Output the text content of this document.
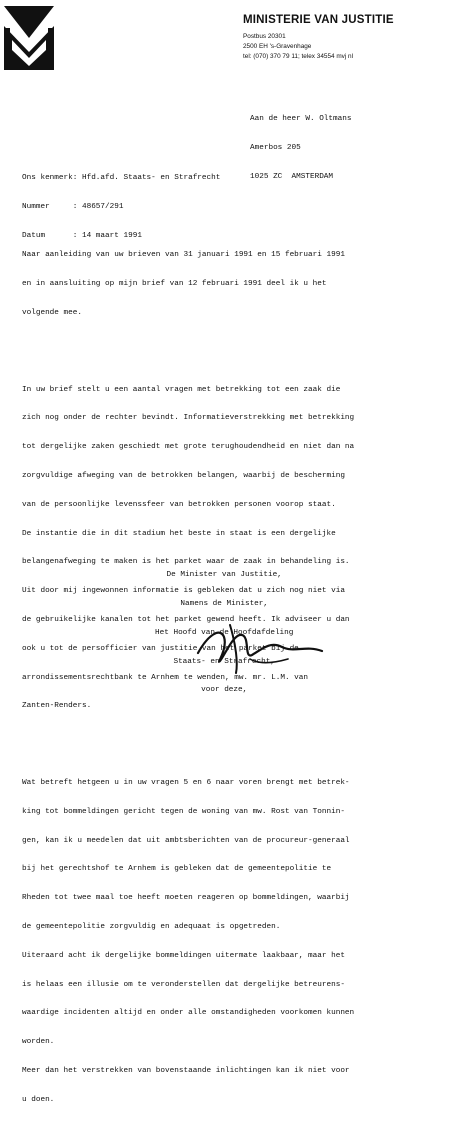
MINISTERIE VAN JUSTITIE
Postbus 20301
2500 EH 's-Gravenhage
tel: (070) 370 79 11; telex 34554 mvj nl

Aan de heer W. Oltmans

Amerbos 205

1025 ZC  AMSTERDAM

Ons kenmerk: Hfd.afd. Staats- en Strafrecht

Nummer     : 48657/291

Datum      : 14 maart 1991

Naar aanleiding van uw brieven van 31 januari 1991 en 15 februari 1991

en in aansluiting op mijn brief van 12 februari 1991 deel ik u het

volgende mee.

In uw brief stelt u een aantal vragen met betrekking tot een zaak die

zich nog onder de rechter bevindt. Informatieverstrekking met betrekking

tot dergelijke zaken geschiedt met grote terughoudendheid en niet dan na

zorgvuldige afweging van de betrokken belangen, waarbij de bescherming

van de persoonlijke levenssfeer van betrokken personen voorop staat.

De instantie die in dit stadium het beste in staat is een dergelijke

belangenafweging te maken is het parket waar de zaak in behandeling is.

Uit door mij ingewonnen informatie is gebleken dat u zich nog niet via

de gebruikelijke kanalen tot het parket gewend heeft. Ik adviseer u dan

ook u tot de persofficier van justitie van het parket bij de

arrondissementsrechtbank te Arnhem te wenden, mw. mr. L.M. van

Zanten-Renders.

Wat betreft hetgeen u in uw vragen 5 en 6 naar voren brengt met betrek-

king tot bommeldingen gericht tegen de woning van mw. Rost van Tonnin-

gen, kan ik u meedelen dat uit ambtsberichten van de procureur-generaal

bij het gerechtshof te Arnhem is gebleken dat de gemeentepolitie te

Rheden tot twee maal toe heeft moeten reageren op bommeldingen, waarbij

de gemeentepolitie zorgvuldig en adequaat is opgetreden.

Uiteraard acht ik dergelijke bommeldingen uitermate laakbaar, maar het

is helaas een illusie om te veronderstellen dat dergelijke betreurens-

waardige incidenten altijd en onder alle omstandigheden voorkomen kunnen

worden.

Meer dan het verstrekken van bovenstaande inlichtingen kan ik niet voor

u doen.

De Minister van Justitie,

Namens de Minister,

Het Hoofd van de Hoofdafdeling

Staats- en Strafrecht,

voor deze,
